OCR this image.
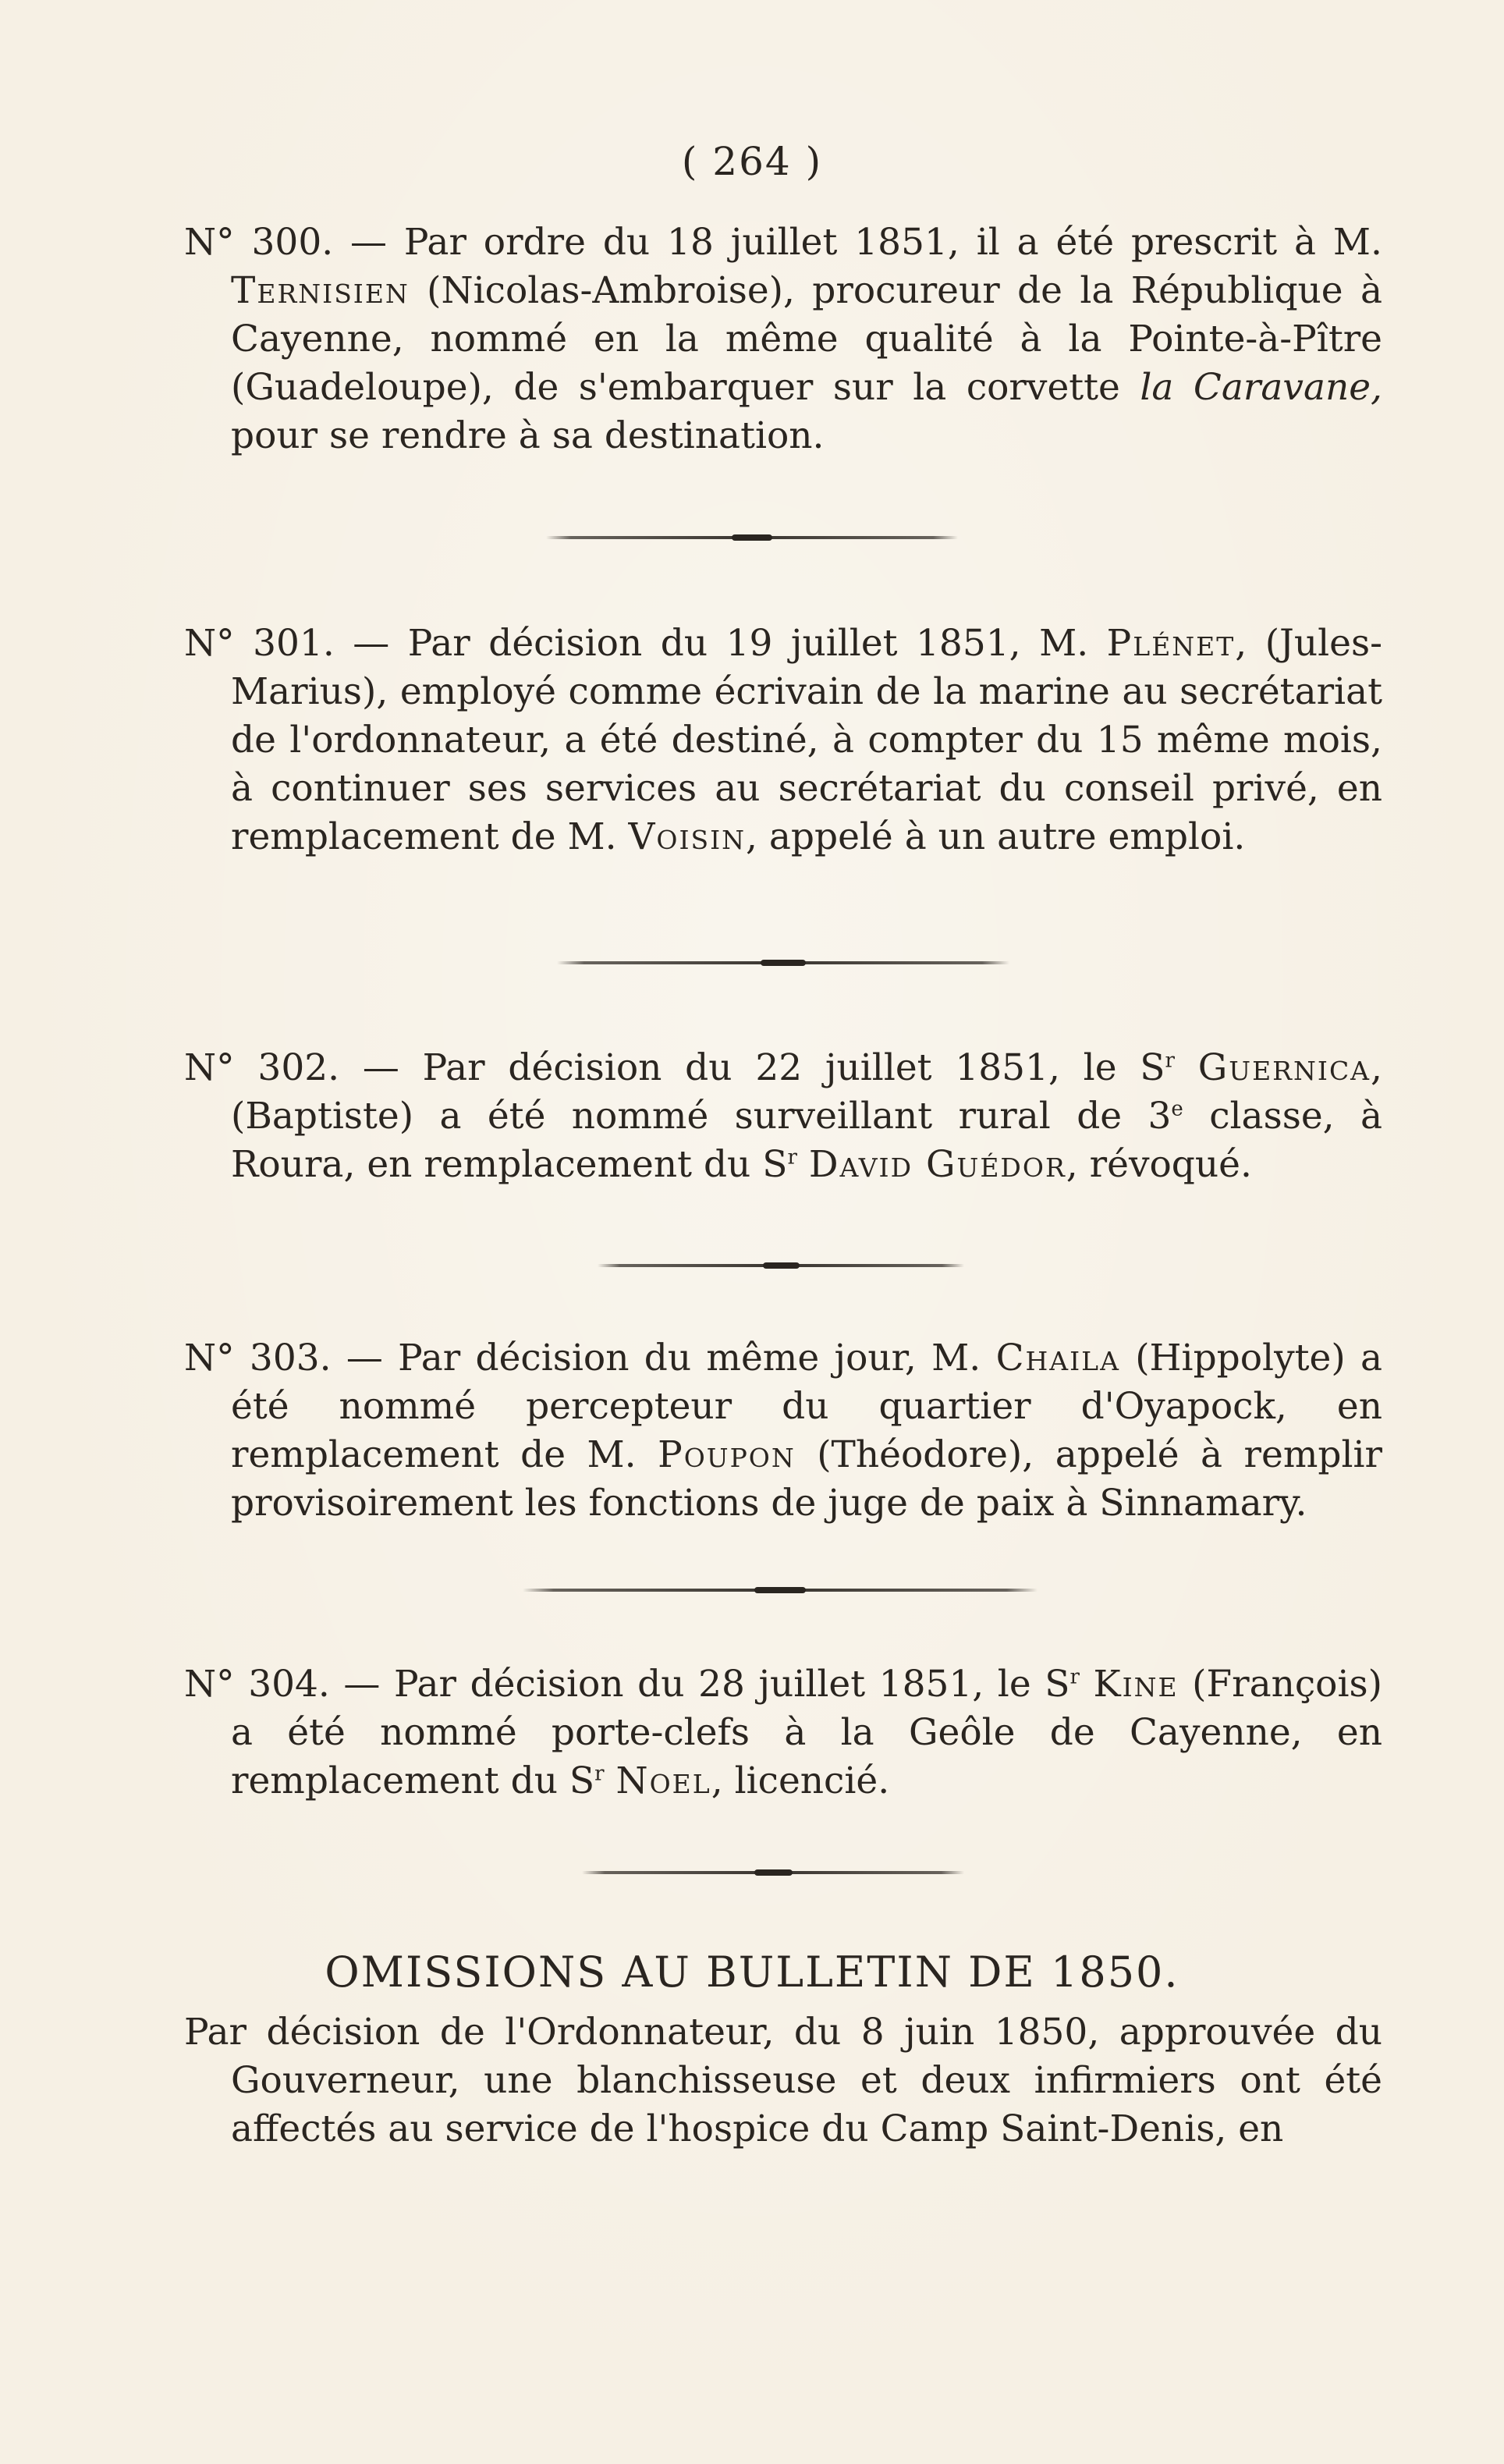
( 264 )
N° 300. — Par ordre du 18 juillet 1851, il a été prescrit à M. Ternisien (Nicolas-Ambroise), procureur de la République à Cayenne, nommé en la même qualité à la Pointe-à-Pître (Guadeloupe), de s'embarquer sur la corvette la Caravane, pour se rendre à sa destination.
N° 301. — Par décision du 19 juillet 1851, M. Plénet, (Jules-Marius), employé comme écrivain de la marine au secrétariat de l'ordonnateur, a été destiné, à compter du 15 même mois, à continuer ses services au secrétariat du conseil privé, en remplacement de M. Voisin, appelé à un autre emploi.
N° 302. — Par décision du 22 juillet 1851, le $S^r$ Guernica, (Baptiste) a été nommé surveillant rural de 3e classe, à Roura, en remplacement du $S^r$ David Guédor, révoqué.
N° 303. — Par décision du même jour, M. Chaila (Hippolyte) a été nommé percepteur du quartier d'Oyapock, en remplacement de M. Poupon (Théodore), appelé à remplir provisoirement les fonctions de juge de paix à Sinnamary.
N° 304. — Par décision du 28 juillet 1851, le $S^r$ Kine (François) a été nommé porte-clefs à la Geôle de Cayenne, en remplacement du $S^r$ Noel, licencié.
OMISSIONS AU BULLETIN DE 1850.
Par décision de l'Ordonnateur, du 8 juin 1850, approuvée du Gouverneur, une blanchisseuse et deux infirmiers ont été affectés au service de l'hospice du Camp Saint-Denis, en
